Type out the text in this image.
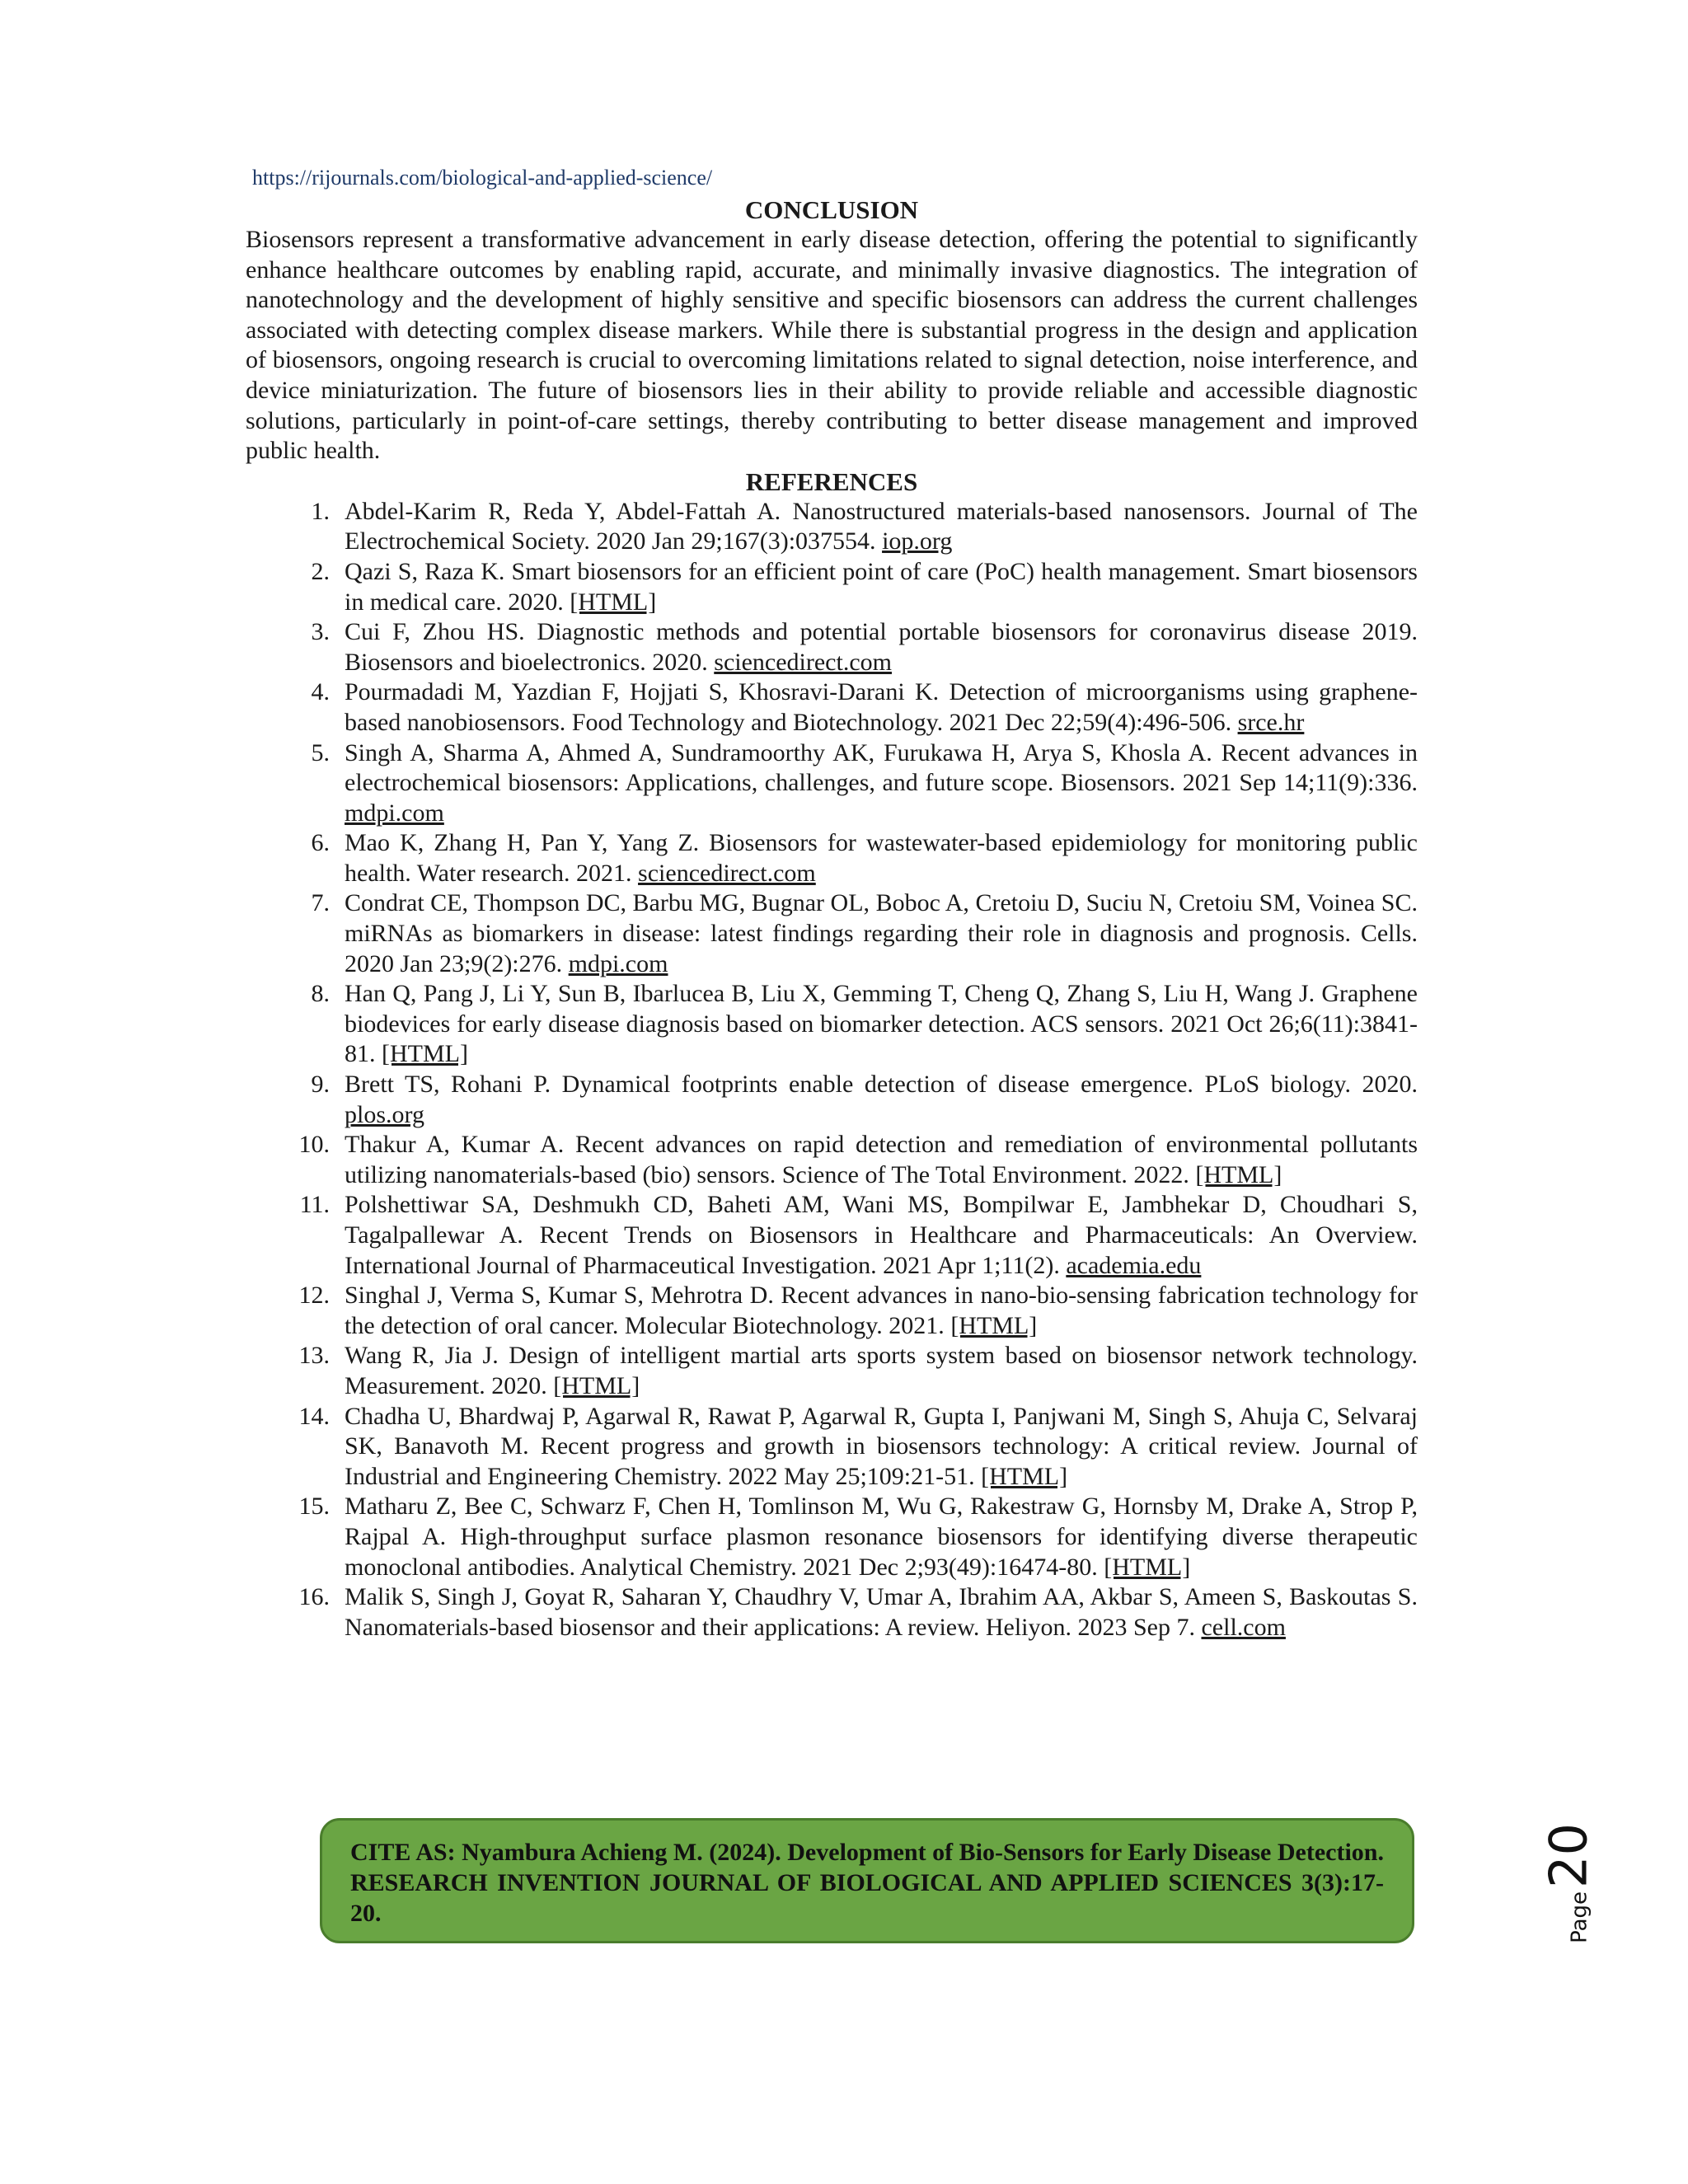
https://rijournals.com/biological-and-applied-science/
CONCLUSION

Biosensors represent a transformative advancement in early disease detection, offering the potential to significantly enhance healthcare outcomes by enabling rapid, accurate, and minimally invasive diagnostics. The integration of nanotechnology and the development of highly sensitive and specific biosensors can address the current challenges associated with detecting complex disease markers. While there is substantial progress in the design and application of biosensors, ongoing research is crucial to overcoming limitations related to signal detection, noise interference, and device miniaturization. The future of biosensors lies in their ability to provide reliable and accessible diagnostic solutions, particularly in point-of-care settings, thereby contributing to better disease management and improved public health.

REFERENCES
1. Abdel-Karim R, Reda Y, Abdel-Fattah A. Nanostructured materials-based nanosensors. Journal of The Electrochemical Society. 2020 Jan 29;167(3):037554. iop.org
2. Qazi S, Raza K. Smart biosensors for an efficient point of care (PoC) health management. Smart biosensors in medical care. 2020. [HTML]
3. Cui F, Zhou HS. Diagnostic methods and potential portable biosensors for coronavirus disease 2019. Biosensors and bioelectronics. 2020. sciencedirect.com
4. Pourmadadi M, Yazdian F, Hojjati S, Khosravi-Darani K. Detection of microorganisms using graphene-based nanobiosensors. Food Technology and Biotechnology. 2021 Dec 22;59(4):496-506. srce.hr
5. Singh A, Sharma A, Ahmed A, Sundramoorthy AK, Furukawa H, Arya S, Khosla A. Recent advances in electrochemical biosensors: Applications, challenges, and future scope. Biosensors. 2021 Sep 14;11(9):336. mdpi.com
6. Mao K, Zhang H, Pan Y, Yang Z. Biosensors for wastewater-based epidemiology for monitoring public health. Water research. 2021. sciencedirect.com
7. Condrat CE, Thompson DC, Barbu MG, Bugnar OL, Boboc A, Cretoiu D, Suciu N, Cretoiu SM, Voinea SC. miRNAs as biomarkers in disease: latest findings regarding their role in diagnosis and prognosis. Cells. 2020 Jan 23;9(2):276. mdpi.com
8. Han Q, Pang J, Li Y, Sun B, Ibarlucea B, Liu X, Gemming T, Cheng Q, Zhang S, Liu H, Wang J. Graphene biodevices for early disease diagnosis based on biomarker detection. ACS sensors. 2021 Oct 26;6(11):3841-81. [HTML]
9. Brett TS, Rohani P. Dynamical footprints enable detection of disease emergence. PLoS biology. 2020. plos.org
10. Thakur A, Kumar A. Recent advances on rapid detection and remediation of environmental pollutants utilizing nanomaterials-based (bio) sensors. Science of The Total Environment. 2022. [HTML]
11. Polshettiwar SA, Deshmukh CD, Baheti AM, Wani MS, Bompilwar E, Jambhekar D, Choudhari S, Tagalpallewar A. Recent Trends on Biosensors in Healthcare and Pharmaceuticals: An Overview. International Journal of Pharmaceutical Investigation. 2021 Apr 1;11(2). academia.edu
12. Singhal J, Verma S, Kumar S, Mehrotra D. Recent advances in nano-bio-sensing fabrication technology for the detection of oral cancer. Molecular Biotechnology. 2021. [HTML]
13. Wang R, Jia J. Design of intelligent martial arts sports system based on biosensor network technology. Measurement. 2020. [HTML]
14. Chadha U, Bhardwaj P, Agarwal R, Rawat P, Agarwal R, Gupta I, Panjwani M, Singh S, Ahuja C, Selvaraj SK, Banavoth M. Recent progress and growth in biosensors technology: A critical review. Journal of Industrial and Engineering Chemistry. 2022 May 25;109:21-51. [HTML]
15. Matharu Z, Bee C, Schwarz F, Chen H, Tomlinson M, Wu G, Rakestraw G, Hornsby M, Drake A, Strop P, Rajpal A. High-throughput surface plasmon resonance biosensors for identifying diverse therapeutic monoclonal antibodies. Analytical Chemistry. 2021 Dec 2;93(49):16474-80. [HTML]
16. Malik S, Singh J, Goyat R, Saharan Y, Chaudhry V, Umar A, Ibrahim AA, Akbar S, Ameen S, Baskoutas S. Nanomaterials-based biosensor and their applications: A review. Heliyon. 2023 Sep 7. cell.com
CITE AS: Nyambura Achieng M. (2024). Development of Bio-Sensors for Early Disease Detection. RESEARCH INVENTION JOURNAL OF BIOLOGICAL AND APPLIED SCIENCES 3(3):17-20.	Page20
